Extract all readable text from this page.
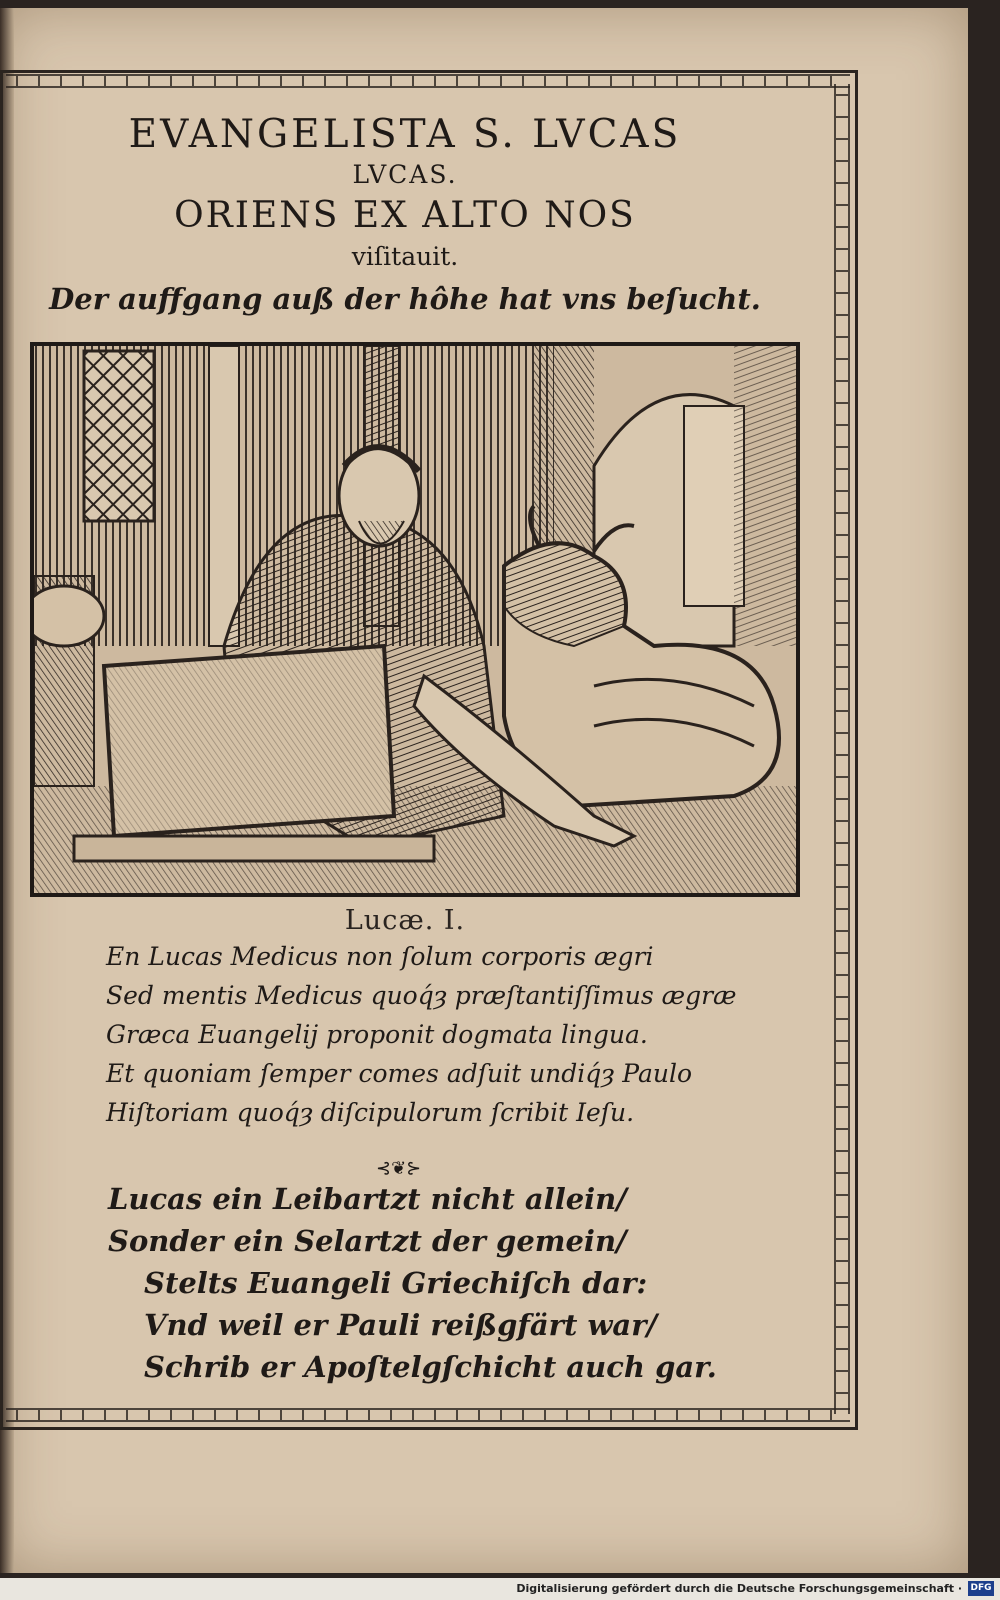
EVANGELISTA S. LVCAS
LVCAS.
ORIENS EX ALTO NOS
viſitauit.
Der auffgang auß der hôhe hat vns beſucht.
Lucæ. I.
En Lucas Medicus non ſolum corporis ægri
Sed mentis Medicus quoq́ȝ præſtantiſſimus ægræ
Græca Euangelij proponit dogmata lingua.
Et quoniam ſemper comes adſuit undiq́ȝ Paulo
Hiſtoriam quoq́ȝ diſcipulorum ſcribit Ieſu.
⊰❦⊱
Lucas ein Leibartzt nicht allein/
Sonder ein Selartzt der gemein/
Stelts Euangeli Griechiſch dar:
Vnd weil er Pauli reißgfärt war/
Schrib er Apoſtelgſchicht auch gar.
Digitalisierung gefördert durch die Deutsche Forschungsgemeinschaft · DFG
